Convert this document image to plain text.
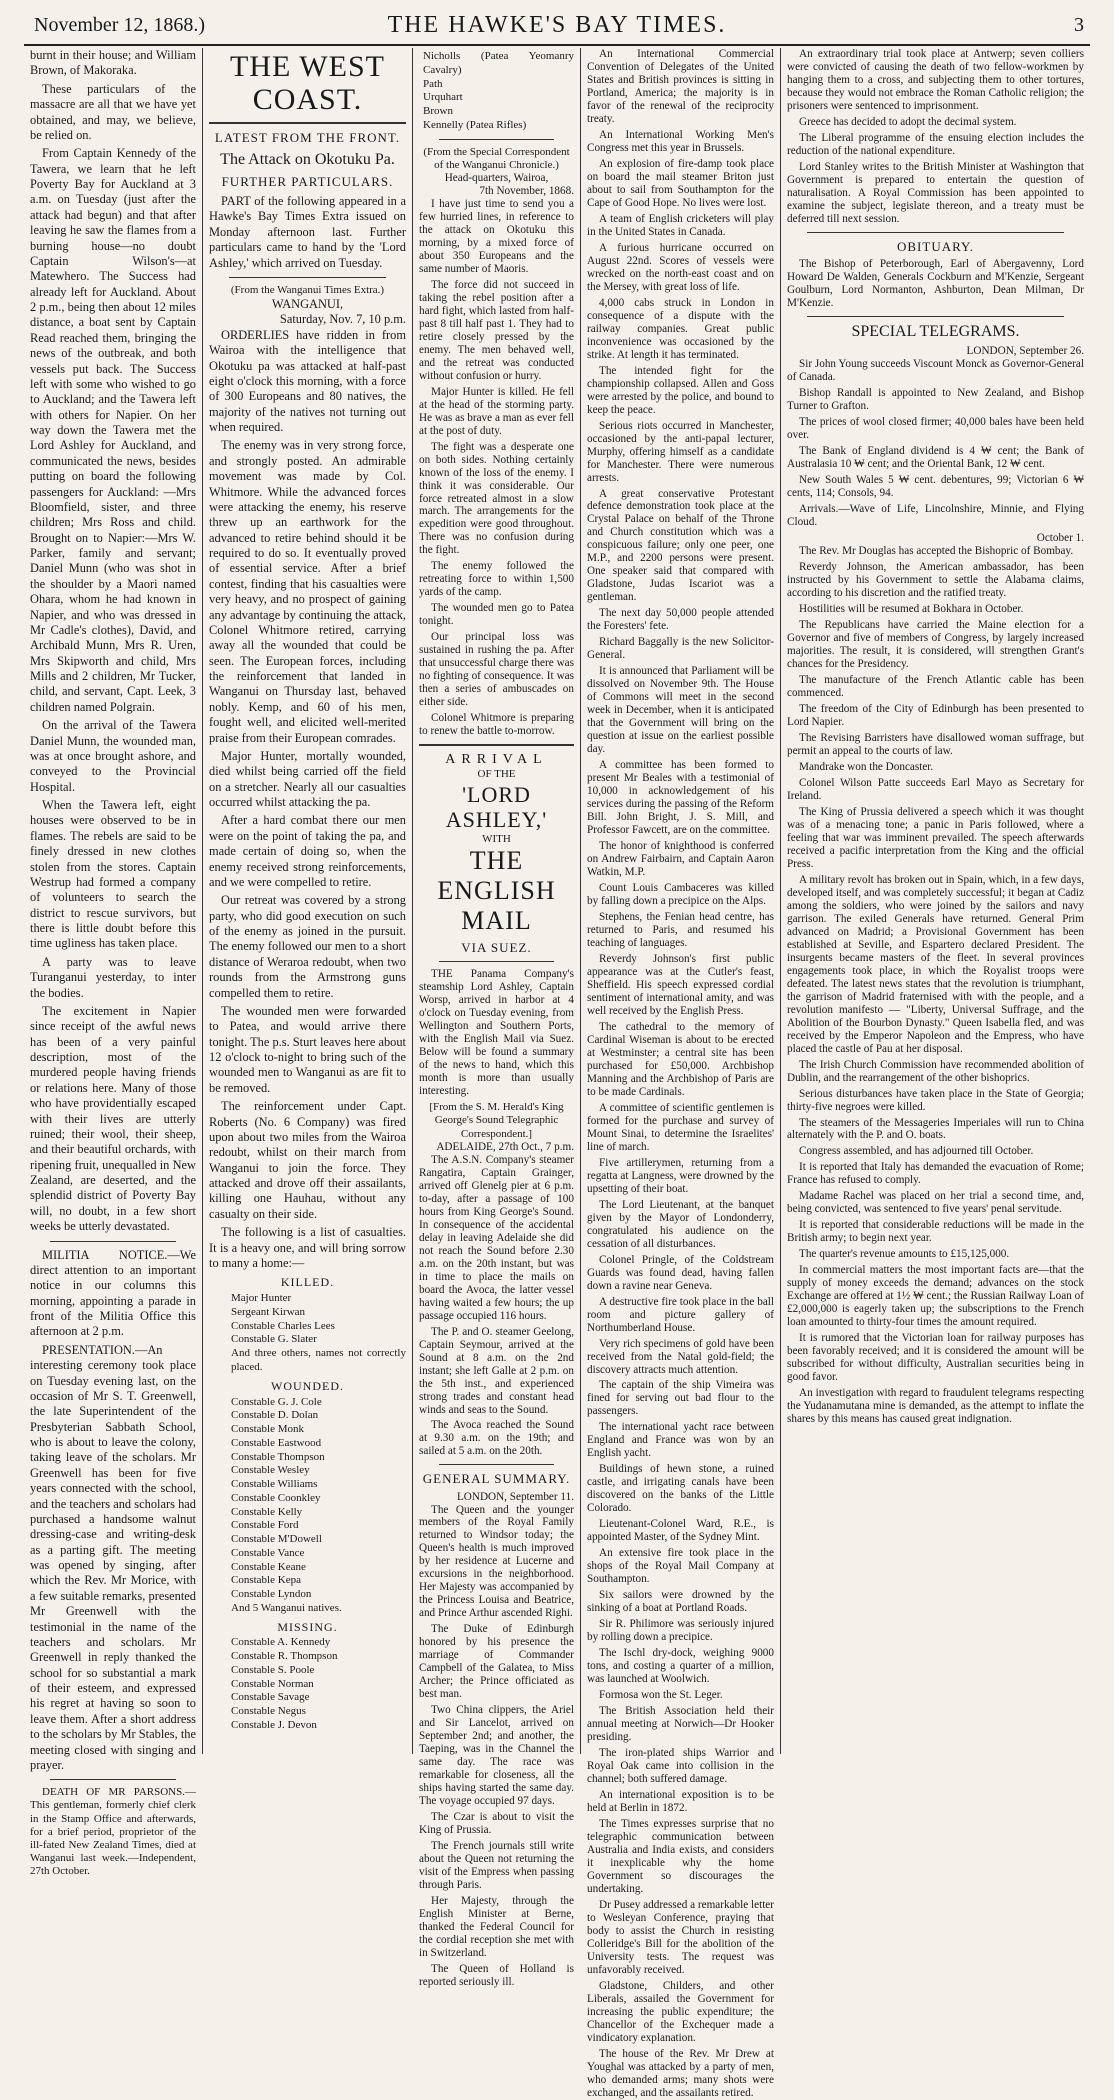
November 12, 1868.)	THE HAWKE'S BAY TIMES.	3

burnt in their house; and William Brown, of Makoraka.

These particulars of the massacre are all that we have yet obtained, and may, we believe, be relied on.

From Captain Kennedy of the Tawera, we learn that he left Poverty Bay for Auckland at 3 a.m. on Tuesday (just after the attack had begun) and that after leaving he saw the flames from a burning house—no doubt Captain Wilson's—at Matewhero. The Success had already left for Auckland. About 2 p.m., being then about 12 miles distance, a boat sent by Captain Read reached them, bringing the news of the outbreak, and both vessels put back. The Success left with some who wished to go to Auckland; and the Tawera left with others for Napier. On her way down the Tawera met the Lord Ashley for Auckland, and communicated the news, besides putting on board the following passengers for Auckland: —Mrs Bloomfield, sister, and three children; Mrs Ross and child. Brought on to Napier:—Mrs W. Parker, family and servant; Daniel Munn (who was shot in the shoulder by a Maori named Ohara, whom he had known in Napier, and who was dressed in Mr Cadle's clothes), David, and Archibald Munn, Mrs R. Uren, Mrs Skipworth and child, Mrs Mills and 2 children, Mr Tucker, child, and servant, Capt. Leek, 3 children named Polgrain.

On the arrival of the Tawera Daniel Munn, the wounded man, was at once brought ashore, and conveyed to the Provincial Hospital.

When the Tawera left, eight houses were observed to be in flames. The rebels are said to be finely dressed in new clothes stolen from the stores. Captain Westrup had formed a company of volunteers to search the district to rescue survivors, but there is little doubt before this time ugliness has taken place.

A party was to leave Turanganui yesterday, to inter the bodies.

The excitement in Napier since receipt of the awful news has been of a very painful description, most of the murdered people having friends or relations here. Many of those who have providentially escaped with their lives are utterly ruined; their wool, their sheep, and their beautiful orchards, with ripening fruit, unequalled in New Zealand, are deserted, and the splendid district of Poverty Bay will, no doubt, in a few short weeks be utterly devastated.

MILITIA NOTICE.—We direct attention to an important notice in our columns this morning, appointing a parade in front of the Militia Office this afternoon at 2 p.m.

PRESENTATION.—An interesting ceremony took place on Tuesday evening last, on the occasion of Mr S. T. Greenwell, the late Superintendent of the Presbyterian Sabbath School, who is about to leave the colony, taking leave of the scholars. Mr Greenwell has been for five years connected with the school, and the teachers and scholars had purchased a handsome walnut dressing-case and writing-desk as a parting gift. The meeting was opened by singing, after which the Rev. Mr Morice, with a few suitable remarks, presented Mr Greenwell with the testimonial in the name of the teachers and scholars. Mr Greenwell in reply thanked the school for so substantial a mark of their esteem, and expressed his regret at having so soon to leave them. After a short address to the scholars by Mr Stables, the meeting closed with singing and prayer.

DEATH OF MR PARSONS.—This gentleman, formerly chief clerk in the Stamp Office and afterwards, for a brief period, proprietor of the ill-fated New Zealand Times, died at Wanganui last week.—Independent, 27th October.

THE WEST COAST.
LATEST FROM THE FRONT.
The Attack on Okotuku Pa.
FURTHER PARTICULARS.

PART of the following appeared in a Hawke's Bay Times Extra issued on Monday afternoon last. Further particulars came to hand by the 'Lord Ashley,' which arrived on Tuesday.

(From the Wanganui Times Extra.)
WANGANUI,
Saturday, Nov. 7, 10 p.m.

ORDERLIES have ridden in from Wairoa with the intelligence that Okotuku pa was attacked at half-past eight o'clock this morning, with a force of 300 Europeans and 80 natives, the majority of the natives not turning out when required.

The enemy was in very strong force, and strongly posted. An admirable movement was made by Col. Whitmore. While the advanced forces were attacking the enemy, his reserve threw up an earthwork for the advanced to retire behind should it be required to do so. It eventually proved of essential service. After a brief contest, finding that his casualties were very heavy, and no prospect of gaining any advantage by continuing the attack, Colonel Whitmore retired, carrying away all the wounded that could be seen. The European forces, including the reinforcement that landed in Wanganui on Thursday last, behaved nobly. Kemp, and 60 of his men, fought well, and elicited well-merited praise from their European comrades.

Major Hunter, mortally wounded, died whilst being carried off the field on a stretcher. Nearly all our casualties occurred whilst attacking the pa.

After a hard combat there our men were on the point of taking the pa, and made certain of doing so, when the enemy received strong reinforcements, and we were compelled to retire.

Our retreat was covered by a strong party, who did good execution on such of the enemy as joined in the pursuit. The enemy followed our men to a short distance of Weraroa redoubt, when two rounds from the Armstrong guns compelled them to retire.

The wounded men were forwarded to Patea, and would arrive there tonight. The p.s. Sturt leaves here about 12 o'clock to-night to bring such of the wounded men to Wanganui as are fit to be removed.

The reinforcement under Capt. Roberts (No. 6 Company) was fired upon about two miles from the Wairoa redoubt, whilst on their march from Wanganui to join the force. They attacked and drove off their assailants, killing one Hauhau, without any casualty on their side.

The following is a list of casualties. It is a heavy one, and will bring sorrow to many a home:—

KILLED.
Major Hunter
Sergeant Kirwan
Constable Charles Lees
Constable G. Slater
And three others, names not correctly placed.
WOUNDED.
Constable G. J. Cole
Constable D. Dolan
Constable Monk
Constable Eastwood
Constable Thompson
Constable Wesley
Constable Williams
Constable Coonkley
Constable Kelly
Constable Ford
Constable M'Dowell
Constable Vance
Constable Keane
Constable Kepa
Constable Lyndon
And 5 Wanganui natives.
MISSING.
Constable A. Kennedy
Constable R. Thompson
Constable S. Poole
Constable Norman
Constable Savage
Constable Negus
Constable J. Devon
Nicholls (Patea Yeomanry Cavalry)
Path
Urquhart
Brown
Kennelly (Patea Rifles)
(From the Special Correspondent of the Wanganui Chronicle.)
Head-quarters, Wairoa,
7th November, 1868.

I have just time to send you a few hurried lines, in reference to the attack on Okotuku this morning, by a mixed force of about 350 Europeans and the same number of Maoris.

The force did not succeed in taking the rebel position after a hard fight, which lasted from half-past 8 till half past 1. They had to retire closely pressed by the enemy. The men behaved well, and the retreat was conducted without confusion or hurry.

Major Hunter is killed. He fell at the head of the storming party. He was as brave a man as ever fell at the post of duty.

The fight was a desperate one on both sides. Nothing certainly known of the loss of the enemy. I think it was considerable. Our force retreated almost in a slow march. The arrangements for the expedition were good throughout. There was no confusion during the fight.

The enemy followed the retreating force to within 1,500 yards of the camp.

The wounded men go to Patea tonight.

Our principal loss was sustained in rushing the pa. After that unsuccessful charge there was no fighting of consequence. It was then a series of ambuscades on either side.

Colonel Whitmore is preparing to renew the battle to-morrow.

ARRIVAL
OF THE
'LORD ASHLEY,'
WITH
THE ENGLISH MAIL
VIA SUEZ.

THE Panama Company's steamship Lord Ashley, Captain Worsp, arrived in harbor at 4 o'clock on Tuesday evening, from Wellington and Southern Ports, with the English Mail via Suez. Below will be found a summary of the news to hand, which this month is more than usually interesting.

[From the S. M. Herald's King George's Sound Telegraphic Correspondent.]
ADELAIDE, 27th Oct., 7 p.m.

The A.S.N. Company's steamer Rangatira, Captain Grainger, arrived off Glenelg pier at 6 p.m. to-day, after a passage of 100 hours from King George's Sound. In consequence of the accidental delay in leaving Adelaide she did not reach the Sound before 2.30 a.m. on the 20th instant, but was in time to place the mails on board the Avoca, the latter vessel having waited a few hours; the up passage occupied 116 hours.

The P. and O. steamer Geelong, Captain Seymour, arrived at the Sound at 8 a.m. on the 2nd instant; she left Galle at 2 p.m. on the 5th inst., and experienced strong trades and constant head winds and seas to the Sound.

The Avoca reached the Sound at 9.30 a.m. on the 19th; and sailed at 5 a.m. on the 20th.

GENERAL SUMMARY.
LONDON, September 11.

The Queen and the younger members of the Royal Family returned to Windsor today; the Queen's health is much improved by her residence at Lucerne and excursions in the neighborhood. Her Majesty was accompanied by the Princess Louisa and Beatrice, and Prince Arthur ascended Righi.

The Duke of Edinburgh honored by his presence the marriage of Commander Campbell of the Galatea, to Miss Archer; the Prince officiated as best man.

Two China clippers, the Ariel and Sir Lancelot, arrived on September 2nd; and another, the Taeping, was in the Channel the same day. The race was remarkable for closeness, all the ships having started the same day. The voyage occupied 97 days.

The Czar is about to visit the King of Prussia.

The French journals still write about the Queen not returning the visit of the Empress when passing through Paris.

Her Majesty, through the English Minister at Berne, thanked the Federal Council for the cordial reception she met with in Switzerland.

The Queen of Holland is reported seriously ill.

An International Commercial Convention of Delegates of the United States and British provinces is sitting in Portland, America; the majority is in favor of the renewal of the reciprocity treaty.

An International Working Men's Congress met this year in Brussels.

An explosion of fire-damp took place on board the mail steamer Briton just about to sail from Southampton for the Cape of Good Hope. No lives were lost.

A team of English cricketers will play in the United States in Canada.

A furious hurricane occurred on August 22nd. Scores of vessels were wrecked on the north-east coast and on the Mersey, with great loss of life.

4,000 cabs struck in London in consequence of a dispute with the railway companies. Great public inconvenience was occasioned by the strike. At length it has terminated.

The intended fight for the championship collapsed. Allen and Goss were arrested by the police, and bound to keep the peace.

Serious riots occurred in Manchester, occasioned by the anti-papal lecturer, Murphy, offering himself as a candidate for Manchester. There were numerous arrests.

A great conservative Protestant defence demonstration took place at the Crystal Palace on behalf of the Throne and Church constitution which was a conspicuous failure; only one peer, one M.P., and 2200 persons were present. One speaker said that compared with Gladstone, Judas Iscariot was a gentleman.

The next day 50,000 people attended the Foresters' fete.

Richard Baggally is the new Solicitor-General.

It is announced that Parliament will be dissolved on November 9th. The House of Commons will meet in the second week in December, when it is anticipated that the Government will bring on the question at issue on the earliest possible day.

A committee has been formed to present Mr Beales with a testimonial of 10,000 in acknowledgement of his services during the passing of the Reform Bill. John Bright, J. S. Mill, and Professor Fawcett, are on the committee.

The honor of knighthood is conferred on Andrew Fairbairn, and Captain Aaron Watkin, M.P.

Count Louis Cambaceres was killed by falling down a precipice on the Alps.

Stephens, the Fenian head centre, has returned to Paris, and resumed his teaching of languages.

Reverdy Johnson's first public appearance was at the Cutler's feast, Sheffield. His speech expressed cordial sentiment of international amity, and was well received by the English Press.

The cathedral to the memory of Cardinal Wiseman is about to be erected at Westminster; a central site has been purchased for £50,000. Archbishop Manning and the Archbishop of Paris are to be made Cardinals.

A committee of scientific gentlemen is formed for the purchase and survey of Mount Sinai, to determine the Israelites' line of march.

Five artillerymen, returning from a regatta at Langness, were drowned by the upsetting of their boat.

The Lord Lieutenant, at the banquet given by the Mayor of Londonderry, congratulated his audience on the cessation of all disturbances.

Colonel Pringle, of the Coldstream Guards was found dead, having fallen down a ravine near Geneva.

A destructive fire took place in the ball room and picture gallery of Northumberland House.

Very rich specimens of gold have been received from the Natal gold-field; the discovery attracts much attention.

The captain of the ship Vimeira was fined for serving out bad flour to the passengers.

The international yacht race between England and France was won by an English yacht.

Buildings of hewn stone, a ruined castle, and irrigating canals have been discovered on the banks of the Little Colorado.

Lieutenant-Colonel Ward, R.E., is appointed Master, of the Sydney Mint.

An extensive fire took place in the shops of the Royal Mail Company at Southampton.

Six sailors were drowned by the sinking of a boat at Portland Roads.

Sir R. Philimore was seriously injured by rolling down a precipice.

The Ischl dry-dock, weighing 9000 tons, and costing a quarter of a million, was launched at Woolwich.

Formosa won the St. Leger.

The British Association held their annual meeting at Norwich—Dr Hooker presiding.

The iron-plated ships Warrior and Royal Oak came into collision in the channel; both suffered damage.

An international exposition is to be held at Berlin in 1872.

The Times expresses surprise that no telegraphic communication between Australia and India exists, and considers it inexplicable why the home Government so discourages the undertaking.

Dr Pusey addressed a remarkable letter to Wesleyan Conference, praying that body to assist the Church in resisting Colleridge's Bill for the abolition of the University tests. The request was unfavorably received.

Gladstone, Childers, and other Liberals, assailed the Government for increasing the public expenditure; the Chancellor of the Exchequer made a vindicatory explanation.

The house of the Rev. Mr Drew at Youghal was attacked by a party of men, who demanded arms; many shots were exchanged, and the assailants retired.

An extraordinary trial took place at Antwerp; seven colliers were convicted of causing the death of two fellow-workmen by hanging them to a cross, and subjecting them to other tortures, because they would not embrace the Roman Catholic religion; the prisoners were sentenced to imprisonment.

Greece has decided to adopt the decimal system.

The Liberal programme of the ensuing election includes the reduction of the national expenditure.

Lord Stanley writes to the British Minister at Washington that Government is prepared to entertain the question of naturalisation. A Royal Commission has been appointed to examine the subject, legislate thereon, and a treaty must be deferred till next session.

OBITUARY.

The Bishop of Peterborough, Earl of Abergavenny, Lord Howard De Walden, Generals Cockburn and M'Kenzie, Sergeant Goulburn, Lord Normanton, Ashburton, Dean Milman, Dr M'Kenzie.

SPECIAL TELEGRAMS.
LONDON, September 26.

Sir John Young succeeds Viscount Monck as Governor-General of Canada.

Bishop Randall is appointed to New Zealand, and Bishop Turner to Grafton.

The prices of wool closed firmer; 40,000 bales have been held over.

The Bank of England dividend is 4 ₩ cent; the Bank of Australasia 10 ₩ cent; and the Oriental Bank, 12 ₩ cent.

New South Wales 5 ₩ cent. debentures, 99; Victorian 6 ₩ cents, 114; Consols, 94.

Arrivals.—Wave of Life, Lincolnshire, Minnie, and Flying Cloud.

October 1.

The Rev. Mr Douglas has accepted the Bishopric of Bombay.

Reverdy Johnson, the American ambassador, has been instructed by his Government to settle the Alabama claims, according to his discretion and the ratified treaty.

Hostilities will be resumed at Bokhara in October.

The Republicans have carried the Maine election for a Governor and five of members of Congress, by largely increased majorities. The result, it is considered, will strengthen Grant's chances for the Presidency.

The manufacture of the French Atlantic cable has been commenced.

The freedom of the City of Edinburgh has been presented to Lord Napier.

The Revising Barristers have disallowed woman suffrage, but permit an appeal to the courts of law.

Mandrake won the Doncaster.

Colonel Wilson Patte succeeds Earl Mayo as Secretary for Ireland.

The King of Prussia delivered a speech which it was thought was of a menacing tone; a panic in Paris followed, where a feeling that war was imminent prevailed. The speech afterwards received a pacific interpretation from the King and the official Press.

A military revolt has broken out in Spain, which, in a few days, developed itself, and was completely successful; it began at Cadiz among the soldiers, who were joined by the sailors and navy garrison. The exiled Generals have returned. General Prim advanced on Madrid; a Provisional Government has been established at Seville, and Espartero declared President. The insurgents became masters of the fleet. In several provinces engagements took place, in which the Royalist troops were defeated. The latest news states that the revolution is triumphant, the garrison of Madrid fraternised with with the people, and a revolution manifesto — "Liberty, Universal Suffrage, and the Abolition of the Bourbon Dynasty." Queen Isabella fled, and was received by the Emperor Napoleon and the Empress, who have placed the castle of Pau at her disposal.

The Irish Church Commission have recommended abolition of Dublin, and the rearrangement of the other bishoprics.

Serious disturbances have taken place in the State of Georgia; thirty-five negroes were killed.

The steamers of the Messageries Imperiales will run to China alternately with the P. and O. boats.

Congress assembled, and has adjourned till October.

It is reported that Italy has demanded the evacuation of Rome; France has refused to comply.

Madame Rachel was placed on her trial a second time, and, being convicted, was sentenced to five years' penal servitude.

It is reported that considerable reductions will be made in the British army; to begin next year.

The quarter's revenue amounts to £15,125,000.

In commercial matters the most important facts are—that the supply of money exceeds the demand; advances on the stock Exchange are offered at 1½ ₩ cent.; the Russian Railway Loan of £2,000,000 is eagerly taken up; the subscriptions to the French loan amounted to thirty-four times the amount required.

It is rumored that the Victorian loan for railway purposes has been favorably received; and it is considered the amount will be subscribed for without difficulty, Australian securities being in good favor.

An investigation with regard to fraudulent telegrams respecting the Yudanamutana mine is demanded, as the attempt to inflate the shares by this means has caused great indignation.
